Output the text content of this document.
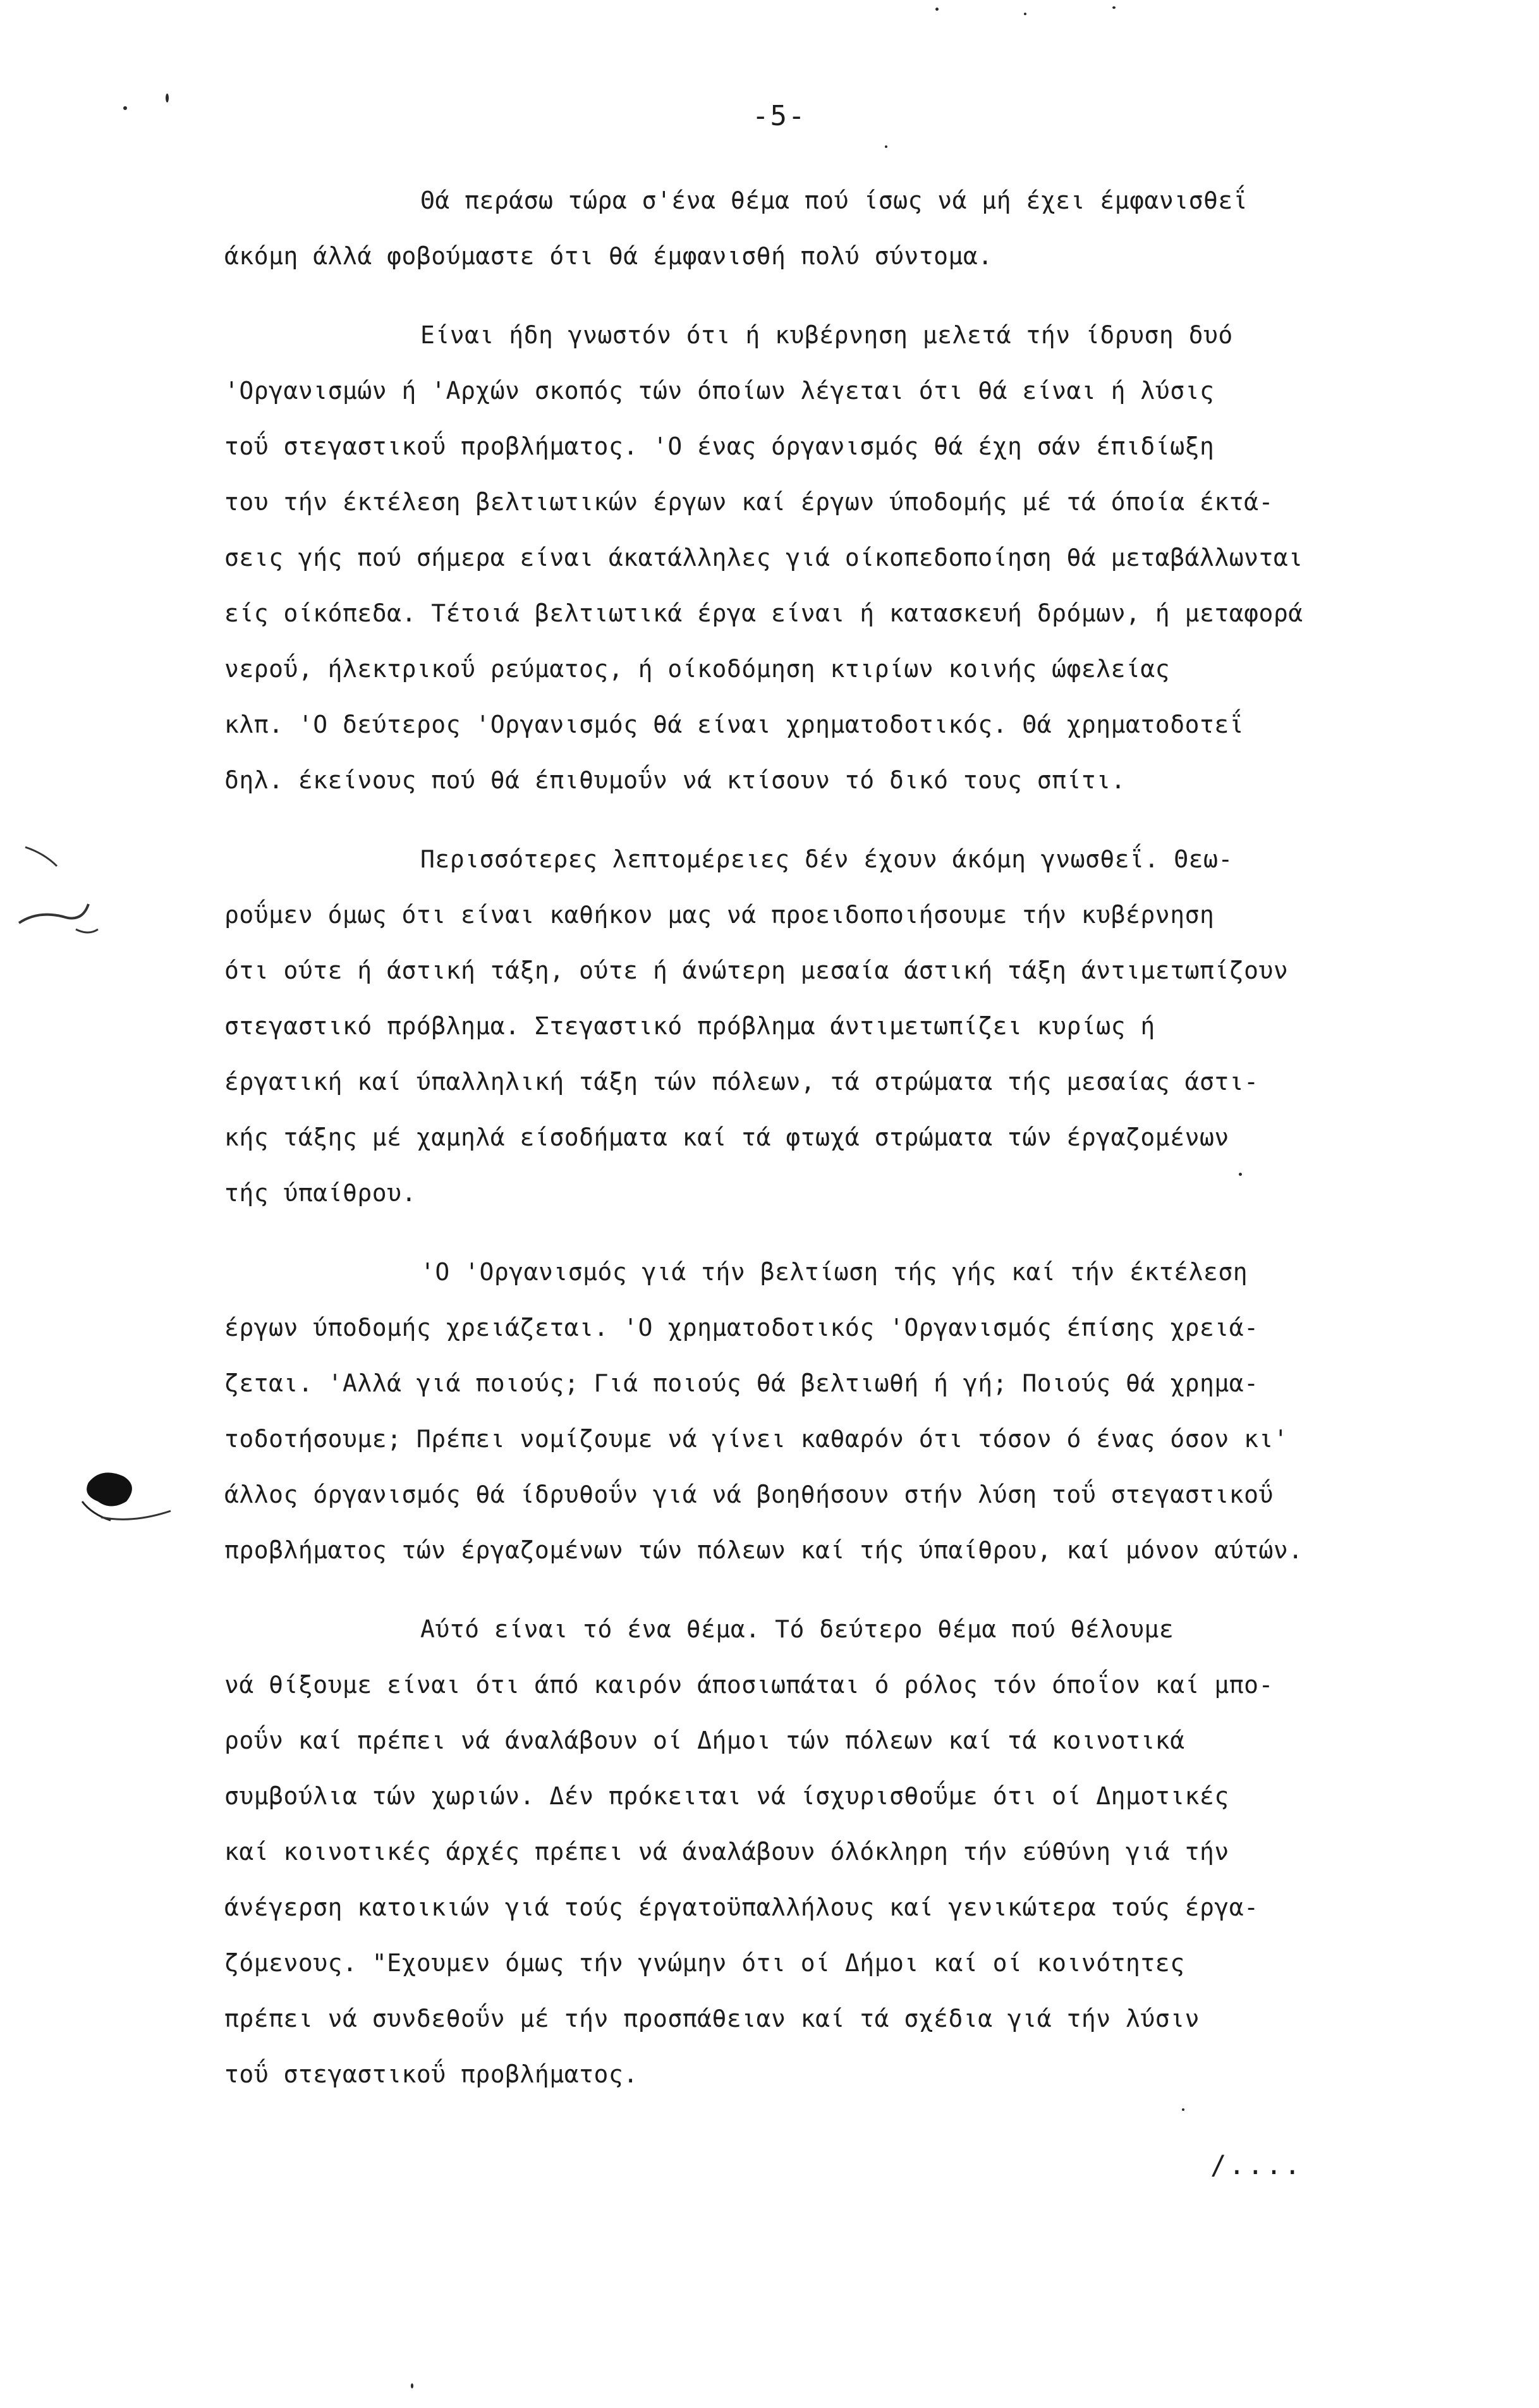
-5-
Θά περάσω τώρα σ'ένα θέμα πού ίσως νά μή έχει έμφανισθεΐ
άκόμη άλλά φοβούμαστε ότι θά έμφανισθή πολύ σύντομα.
Είναι ήδη γνωστόν ότι ή κυβέρνηση μελετά τήν ίδρυση δυό
'Οργανισμών ή 'Αρχών σκοπός τών όποίων λέγεται ότι θά είναι ή λύσις
τοΰ στεγαστικοΰ προβλήματος. 'Ο ένας όργανισμός θά έχη σάν έπιδίωξη
του τήν έκτέλεση βελτιωτικών έργων καί έργων ύποδομής μέ τά όποία έκτά-
σεις γής πού σήμερα είναι άκατάλληλες γιά οίκοπεδοποίηση θά μεταβάλλωνται
είς οίκόπεδα. Τέτοιά βελτιωτικά έργα είναι ή κατασκευή δρόμων, ή μεταφορά
νεροΰ, ήλεκτρικοΰ ρεύματος, ή οίκοδόμηση κτιρίων κοινής ώφελείας
κλπ. 'Ο δεύτερος 'Οργανισμός θά είναι χρηματοδοτικός. Θά χρηματοδοτεΐ
δηλ. έκείνους πού θά έπιθυμοΰν νά κτίσουν τό δικό τους σπίτι.
Περισσότερες λεπτομέρειες δέν έχουν άκόμη γνωσθεΐ. Θεω-
ροΰμεν όμως ότι είναι καθήκον μας νά προειδοποιήσουμε τήν κυβέρνηση
ότι ούτε ή άστική τάξη, ούτε ή άνώτερη μεσαία άστική τάξη άντιμετωπίζουν
στεγαστικό πρόβλημα. Στεγαστικό πρόβλημα άντιμετωπίζει κυρίως ή
έργατική καί ύπαλληλική τάξη τών πόλεων, τά στρώματα τής μεσαίας άστι-
κής τάξης μέ χαμηλά είσοδήματα καί τά φτωχά στρώματα τών έργαζομένων
τής ύπαίθρου.
'Ο 'Οργανισμός γιά τήν βελτίωση τής γής καί τήν έκτέλεση
έργων ύποδομής χρειάζεται. 'Ο χρηματοδοτικός 'Οργανισμός έπίσης χρειά-
ζεται. 'Αλλά γιά ποιούς; Γιά ποιούς θά βελτιωθή ή γή; Ποιούς θά χρημα-
τοδοτήσουμε; Πρέπει νομίζουμε νά γίνει καθαρόν ότι τόσον ό ένας όσον κι'
άλλος όργανισμός θά ίδρυθοΰν γιά νά βοηθήσουν στήν λύση τοΰ στεγαστικοΰ
προβλήματος τών έργαζομένων τών πόλεων καί τής ύπαίθρου, καί μόνον αύτών.
Αύτό είναι τό ένα θέμα. Τό δεύτερο θέμα πού θέλουμε
νά θίξουμε είναι ότι άπό καιρόν άποσιωπάται ό ρόλος τόν όποΐον καί μπο-
ροΰν καί πρέπει νά άναλάβουν οί Δήμοι τών πόλεων καί τά κοινοτικά
συμβούλια τών χωριών. Δέν πρόκειται νά ίσχυρισθοΰμε ότι οί Δημοτικές
καί κοινοτικές άρχές πρέπει νά άναλάβουν όλόκληρη τήν εύθύνη γιά τήν
άνέγερση κατοικιών γιά τούς έργατοϋπαλλήλους καί γενικώτερα τούς έργα-
ζόμενους. "Εχουμεν όμως τήν γνώμην ότι οί Δήμοι καί οί κοινότητες
πρέπει νά συνδεθοΰν μέ τήν προσπάθειαν καί τά σχέδια γιά τήν λύσιν
τοΰ στεγαστικοΰ προβλήματος.
/....
